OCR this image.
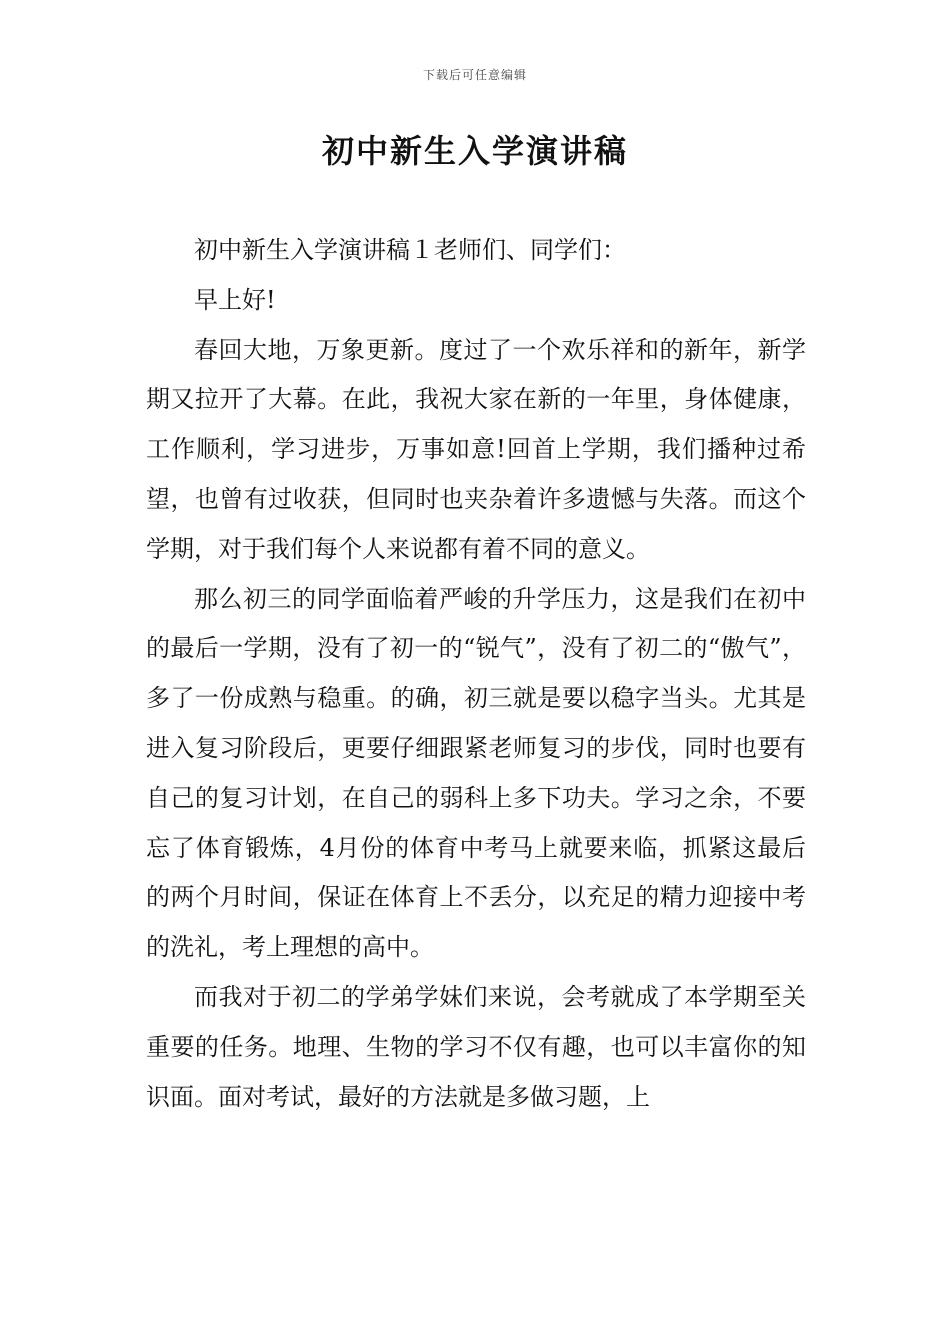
下载后可任意编辑
初中新生入学演讲稿

初中新生入学演讲稿１老师们、同学们：

早上好!

春回大地，万象更新。度过了一个欢乐祥和的新年，新学期又拉开了大幕。在此，我祝大家在新的一年里，身体健康，工作顺利，学习进步，万事如意!回首上学期，我们播种过希望，也曾有过收获，但同时也夹杂着许多遗憾与失落。而这个学期，对于我们每个人来说都有着不同的意义。

那么初三的同学面临着严峻的升学压力，这是我们在初中的最后一学期，没有了初一的“锐气”，没有了初二的“傲气”，多了一份成熟与稳重。的确，初三就是要以稳字当头。尤其是进入复习阶段后，更要仔细跟紧老师复习的步伐，同时也要有自己的复习计划，在自己的弱科上多下功夫。学习之余，不要忘了体育锻炼，4月份的体育中考马上就要来临，抓紧这最后的两个月时间，保证在体育上不丢分，以充足的精力迎接中考的洗礼，考上理想的高中。

而我对于初二的学弟学妹们来说，会考就成了本学期至关重要的任务。地理、生物的学习不仅有趣，也可以丰富你的知识面。面对考试，最好的方法就是多做习题，上
